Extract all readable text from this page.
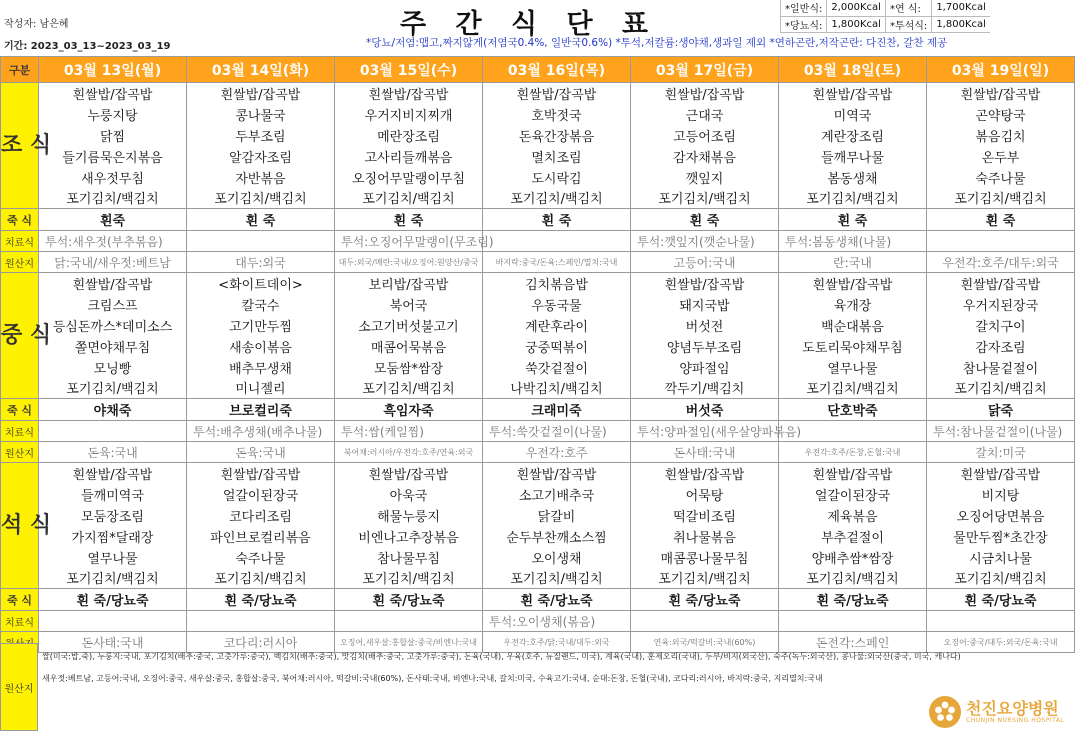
작성자: 남은혜
기간: 2023_03_13~2023_03_19
주 간 식 단 표	*일반식:	2,000Kcal	*연 식:	1,700Kcal
*당뇨식:	1,800Kcal	*투석식:	1,800Kcal
*당뇨/저염:맵고,짜지않게(저염국0.4%, 일반국0.6%) *투석,저칼륨:생야채,생과일 제외 *연하곤란,저작곤란: 다진찬, 갈찬 제공
구분	03월 13일(월)	03월 14일(화)	03월 15일(수)	03월 16일(목)	03월 17일(금)	03월 18일(토)	03월 19일(일)
조 식	흰쌀밥/잡곡밥	흰쌀밥/잡곡밥	흰쌀밥/잡곡밥	흰쌀밥/잡곡밥	흰쌀밥/잡곡밥	흰쌀밥/잡곡밥	흰쌀밥/잡곡밥
	누룽지탕	콩나물국	우거지비지찌개	호박젓국	근대국	미역국	곤약탕국
	닭찜	두부조림	메란장조림	돈육간장볶음	고등어조림	계란장조림	볶음김치
	들기름묵은지볶음	알감자조림	고사리들깨볶음	멸치조림	감자채볶음	들깨무나물	온두부
	새우젓무침	자반볶음	오징어무말랭이무침	도시락김	깻잎지	봄동생채	숙주나물
	포기김치/백김치	포기김치/백김치	포기김치/백김치	포기김치/백김치	포기김치/백김치	포기김치/백김치	포기김치/백김치
죽 식	흰죽	흰 죽	흰 죽	흰 죽	흰 죽	흰 죽	흰 죽
치료식	투석:새우젓(부추볶음)		투석:오징어무말랭이(무조림)		투석:깻잎지(깻순나물)	투석:봄동생채(나물)	
원산지	닭:국내/새우젓:베트남	대두:외국	대두:외국/메란:국내/오징어:원양산/중국	바지락:중국/돈육:스페인/멸치:국내	고등어:국내	란:국내	우전각:호주/대두:외국
중 식	흰쌀밥/잡곡밥	<화이트데이>	보리밥/잡곡밥	김치볶음밥	흰쌀밥/잡곡밥	흰쌀밥/잡곡밥	흰쌀밥/잡곡밥
	크림스프	칼국수	북어국	우동국물	돼지국밥	육개장	우거지된장국
	등심돈까스*데미소스	고기만두찜	소고기버섯불고기	계란후라이	버섯전	백순대볶음	갈치구이
	쫄면야채무침	새송이볶음	매콤어묵볶음	궁중떡볶이	양념두부조림	도토리묵야채무침	감자조림
	모닝빵	배추무생채	모둠쌈*쌈장	쑥갓겉절이	양파절임	열무나물	참나물겉절이
	포기김치/백김치	미니젤리	포기김치/백김치	나박김치/백김치	깍두기/백김치	포기김치/백김치	포기김치/백김치
죽 식	야채죽	브로컬리죽	흑임자죽	크래미죽	버섯죽	단호박죽	닭죽
치료식		투석:배추생채(배추나물)	투석:쌈(케일찜)	투석:쑥갓겉절이(나물)	투석:양파절임(새우살양파볶음)		투석:참나물겉절이(나물)
원산지	돈육:국내	돈육:국내	북어채:러시아/우전각:호주/연육:외국	우전각:호주	돈사태:국내	우전각:호주/돈창,돈혈:국내	갈치:미국
석 식	흰쌀밥/잡곡밥	흰쌀밥/잡곡밥	흰쌀밥/잡곡밥	흰쌀밥/잡곡밥	흰쌀밥/잡곡밥	흰쌀밥/잡곡밥	흰쌀밥/잡곡밥
	들깨미역국	얼갈이된장국	아욱국	소고기배추국	어묵탕	얼갈이된장국	비지탕
	모둠장조림	코다리조림	해물누룽지	닭갈비	떡갈비조림	제육볶음	오징어당면볶음
	가지찜*달래장	파인브로컬리볶음	비엔나고추장볶음	순두부찬깨소스찜	취나물볶음	부추겉절이	물만두찜*초간장
	열무나물	숙주나물	참나물무침	오이생채	매콤콩나물무침	양배추쌈*쌈장	시금치나물
	포기김치/백김치	포기김치/백김치	포기김치/백김치	포기김치/백김치	포기김치/백김치	포기김치/백김치	포기김치/백김치
죽 식	흰 죽/당뇨죽	흰 죽/당뇨죽	흰 죽/당뇨죽	흰 죽/당뇨죽	흰 죽/당뇨죽	흰 죽/당뇨죽	흰 죽/당뇨죽
치료식				투석:오이생채(볶음)			
	돈사태:국내	코다리:러시아	오징어,새우살:홍합살:중국/비엔나:국내	우전각:호주/닭:국내/대두:외국	연육:외국/떡갈비:국내(60%)	돈전각:스페인	오징어:중국/대두:외국/돈육:국내
원산지
쌀(미국:밥,죽), 누룽지:국내, 포기김치(배추:중국, 고춧가루:중국), 백김치(배추:중국), 맛김치(배추:중국, 고춧가루:중국), 돈육(국내), 우육(호주, 뉴질랜드, 미국), 계육(국내), 훈제오리(국내), 두부/비지(외국산), 숙주(녹두:외국산), 콩나물:외국산(중국, 미국, 캐나다)
새우젓:베트남, 고등어:국내, 오징어:중국, 새우살:중국, 홍합살:중국, 북어채:러시아, 떡갈비:국내(60%), 돈사태:국내, 비엔나:국내, 갈치:미국, 수육고기:국내, 순대:돈창, 돈혈(국내), 코다리:러시아, 바지락:중국, 지리멸치:국내
천진요양병원
CHUNJIN NURSING HOSPITAL
